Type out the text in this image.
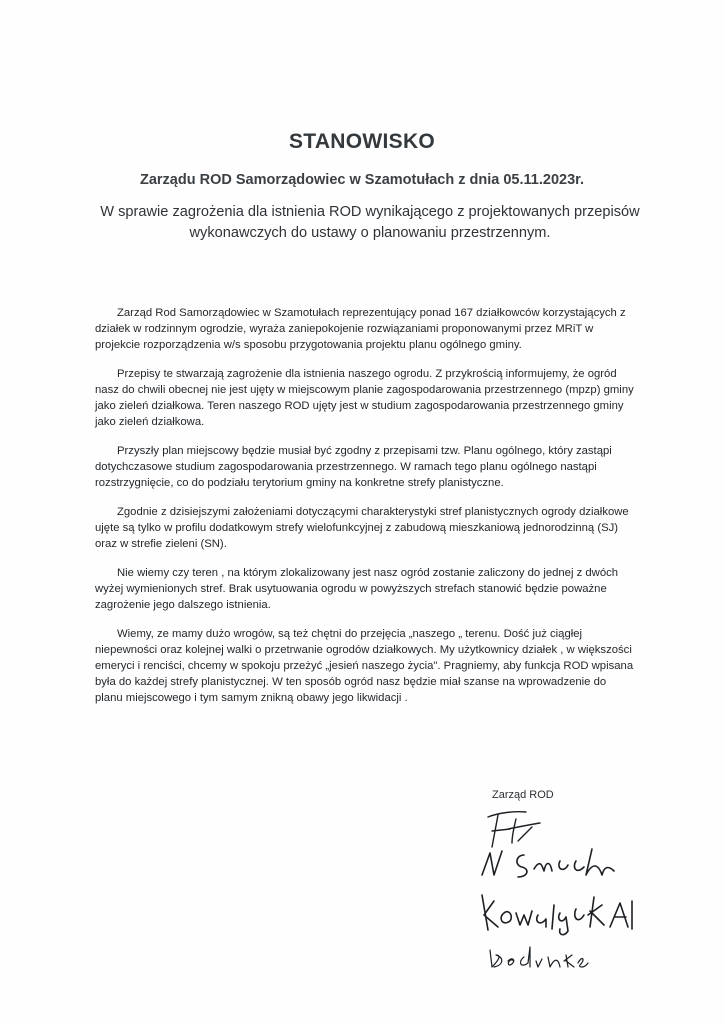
STANOWISKO
Zarządu ROD Samorządowiec w Szamotułach z dnia 05.11.2023r.
W sprawie zagrożenia dla istnienia ROD wynikającego z projektowanych przepisów wykonawczych do ustawy o planowaniu przestrzennym.

Zarząd Rod Samorządowiec w Szamotułach reprezentujący ponad 167 działkowców korzystających z działek w rodzinnym ogrodzie, wyraża zaniepokojenie rozwiązaniami proponowanymi przez MRiT w projekcie rozporządzenia w/s sposobu przygotowania projektu planu ogólnego gminy.

Przepisy te stwarzają zagrożenie dla istnienia naszego ogrodu. Z przykrością informujemy, że ogród nasz do chwili obecnej nie jest ujęty w miejscowym planie zagospodarowania przestrzennego (mpzp) gminy jako zieleń działkowa. Teren naszego ROD ujęty jest w studium zagospodarowania przestrzennego gminy jako zieleń działkowa.

Przyszły plan miejscowy będzie musiał być zgodny z przepisami tzw. Planu ogólnego, który zastąpi dotychczasowe studium zagospodarowania przestrzennego. W ramach tego planu ogólnego nastąpi rozstrzygnięcie, co do podziału terytorium gminy na konkretne strefy planistyczne.

Zgodnie z dzisiejszymi założeniami dotyczącymi charakterystyki stref planistycznych ogrody działkowe ujęte są tylko w profilu dodatkowym strefy wielofunkcyjnej z zabudową mieszkaniową jednorodzinną (SJ) oraz w strefie zieleni (SN).

Nie wiemy czy teren , na którym zlokalizowany jest nasz ogród zostanie zaliczony do jednej z dwóch wyżej wymienionych stref. Brak usytuowania ogrodu w powyższych strefach stanowić będzie poważne zagrożenie jego dalszego istnienia.

Wiemy, ze mamy dużo wrogów, są też chętni do przejęcia „naszego „ terenu. Dość już ciągłej niepewności oraz kolejnej walki o przetrwanie ogrodów działkowych. My użytkownicy działek , w większości emeryci i renciści, chcemy w spokoju przeżyć „jesień naszego życia". Pragniemy, aby funkcja ROD wpisana była do każdej strefy planistycznej. W ten sposób ogród nasz będzie miał szanse na wprowadzenie do planu miejscowego i tym samym znikną obawy jego likwidacji .

Zarząd ROD
